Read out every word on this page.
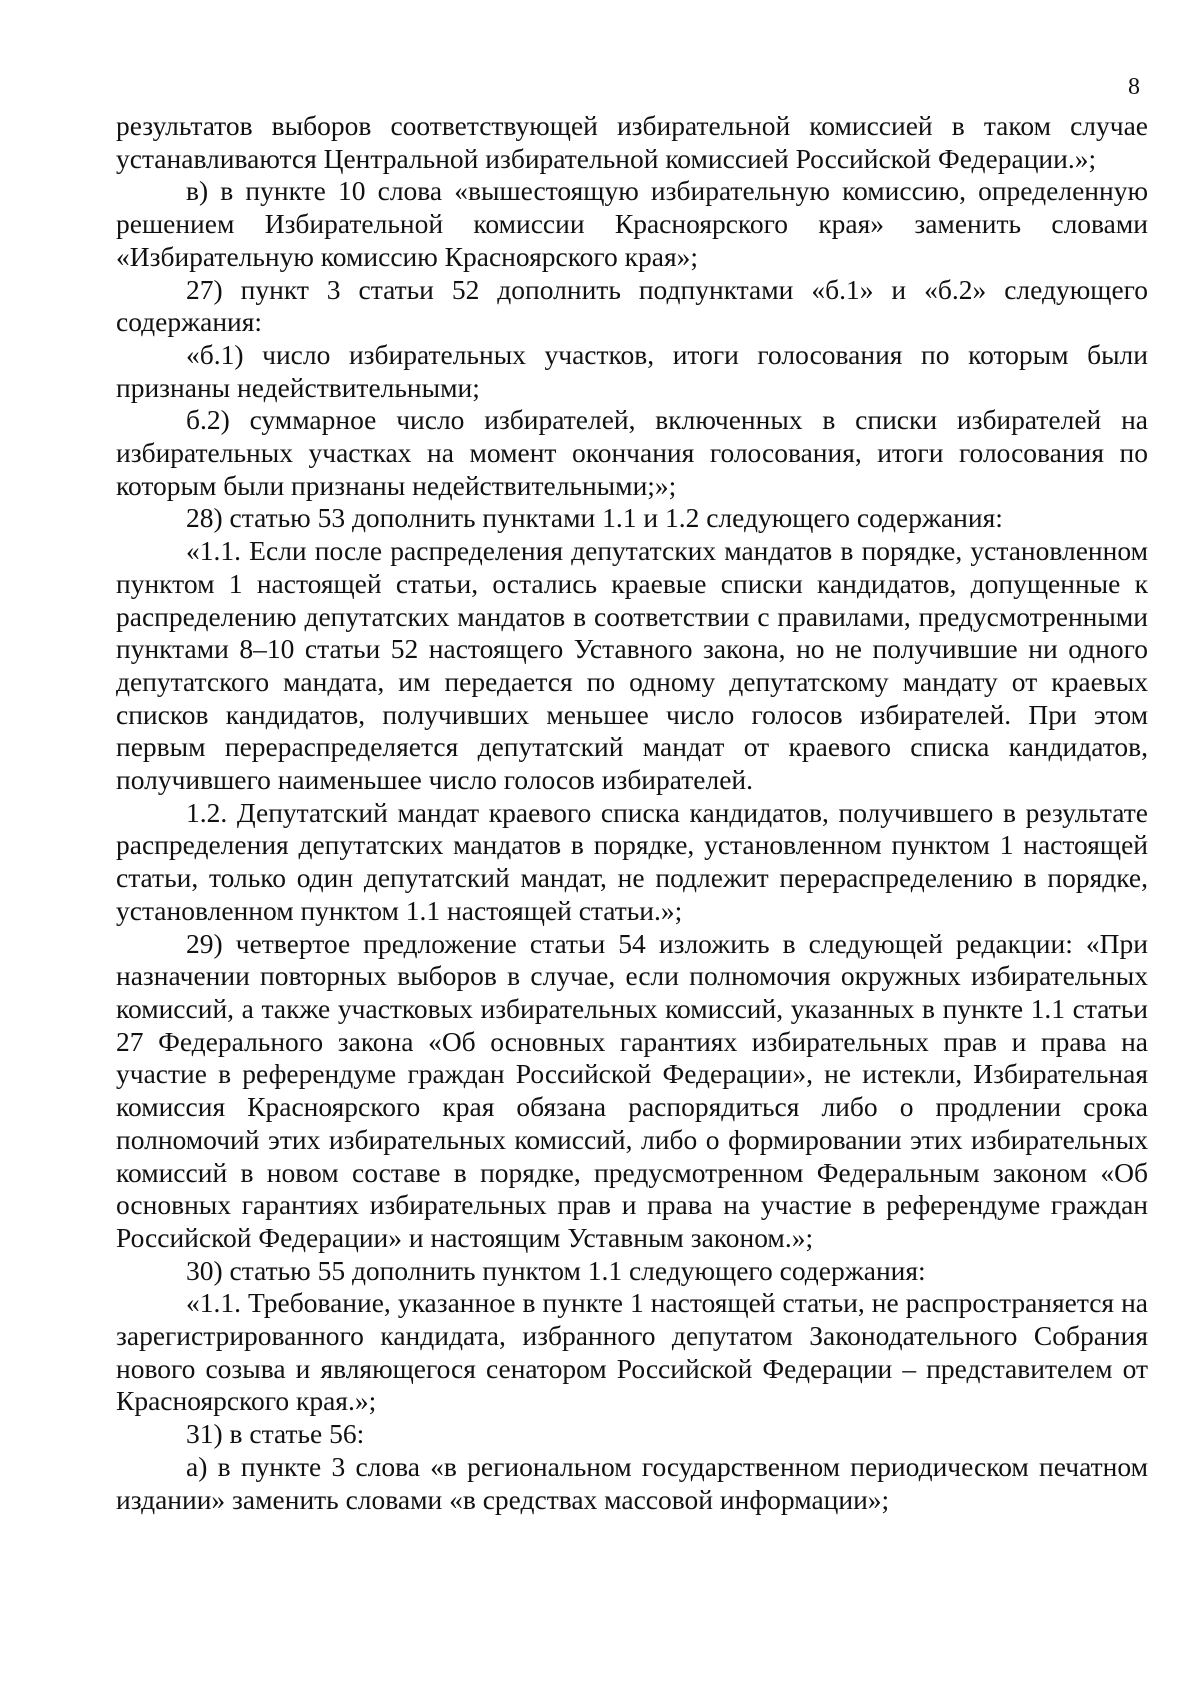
8

результатов выборов соответствующей избирательной комиссией в таком случае устанавливаются Центральной избирательной комиссией Российской Федерации.»;

в) в пункте 10 слова «вышестоящую избирательную комиссию, определенную решением Избирательной комиссии Красноярского края» заменить словами «Избирательную комиссию Красноярского края»;

27) пункт 3 статьи 52 дополнить подпунктами «б.1» и «б.2» следующего содержания:

«б.1) число избирательных участков, итоги голосования по которым были признаны недействительными;

б.2) суммарное число избирателей, включенных в списки избирателей на избирательных участках на момент окончания голосования, итоги голосования по которым были признаны недействительными;»;

28) статью 53 дополнить пунктами 1.1 и 1.2 следующего содержания:

«1.1. Если после распределения депутатских мандатов в порядке, установленном пунктом 1 настоящей статьи, остались краевые списки кандидатов, допущенные к распределению депутатских мандатов в соответствии с правилами, предусмотренными пунктами 8–10 статьи 52 настоящего Уставного закона, но не получившие ни одного депутатского мандата, им передается по одному депутатскому мандату от краевых списков кандидатов, получивших меньшее число голосов избирателей. При этом первым перераспределяется депутатский мандат от краевого списка кандидатов, получившего наименьшее число голосов избирателей.

1.2. Депутатский мандат краевого списка кандидатов, получившего в результате распределения депутатских мандатов в порядке, установленном пунктом 1 настоящей статьи, только один депутатский мандат, не подлежит перераспределению в порядке, установленном пунктом 1.1 настоящей статьи.»;

29) четвертое предложение статьи 54 изложить в следующей редакции: «При назначении повторных выборов в случае, если полномочия окружных избирательных комиссий, а также участковых избирательных комиссий, указанных в пункте 1.1 статьи 27 Федерального закона «Об основных гарантиях избирательных прав и права на участие в референдуме граждан Российской Федерации», не истекли, Избирательная комиссия Красноярского края обязана распорядиться либо о продлении срока полномочий этих избирательных комиссий, либо о формировании этих избирательных комиссий в новом составе в порядке, предусмотренном Федеральным законом «Об основных гарантиях избирательных прав и права на участие в референдуме граждан Российской Федерации» и настоящим Уставным законом.»;

30) статью 55 дополнить пунктом 1.1 следующего содержания:

«1.1. Требование, указанное в пункте 1 настоящей статьи, не распространяется на зарегистрированного кандидата, избранного депутатом Законодательного Собрания нового созыва и являющегося сенатором Российской Федерации – представителем от Красноярского края.»;

31) в статье 56:

а) в пункте 3 слова «в региональном государственном периодическом печатном издании» заменить словами «в средствах массовой информации»;
